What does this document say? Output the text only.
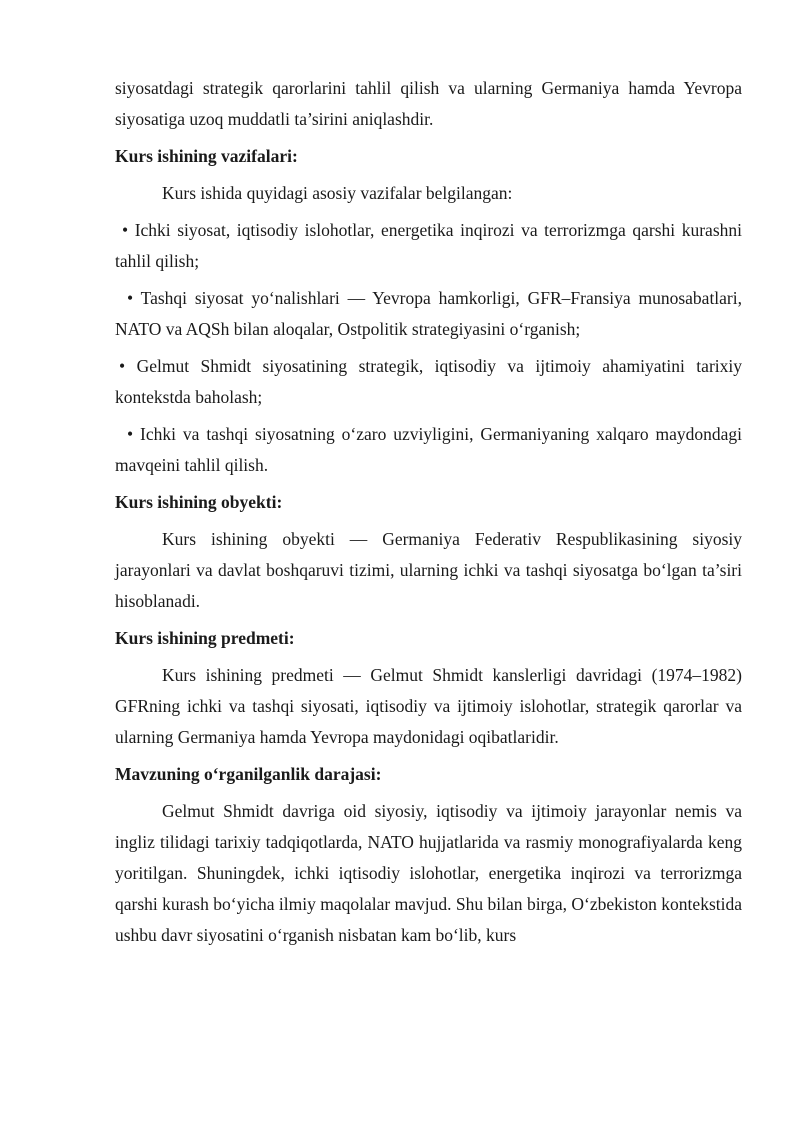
siyosatdagi strategik qarorlarini tahlil qilish va ularning Germaniya hamda Yevropa siyosatiga uzoq muddatli ta’sirini aniqlashdir.

Kurs ishining vazifalari:

Kurs ishida quyidagi asosiy vazifalar belgilangan:

• Ichki siyosat, iqtisodiy islohotlar, energetika inqirozi va terrorizmga qarshi kurashni tahlil qilish;

• Tashqi siyosat yo‘nalishlari — Yevropa hamkorligi, GFR–Fransiya munosabatlari, NATO va AQSh bilan aloqalar, Ostpolitik strategiyasini o‘rganish;

• Gelmut Shmidt siyosatining strategik, iqtisodiy va ijtimoiy ahamiyatini tarixiy kontekstda baholash;

• Ichki va tashqi siyosatning o‘zaro uzviyligini, Germaniyaning xalqaro maydondagi mavqeini tahlil qilish.

Kurs ishining obyekti:

Kurs ishining obyekti — Germaniya Federativ Respublikasining siyosiy jarayonlari va davlat boshqaruvi tizimi, ularning ichki va tashqi siyosatga bo‘lgan ta’siri hisoblanadi.

Kurs ishining predmeti:

Kurs ishining predmeti — Gelmut Shmidt kanslerligi davridagi (1974–1982) GFRning ichki va tashqi siyosati, iqtisodiy va ijtimoiy islohotlar, strategik qarorlar va ularning Germaniya hamda Yevropa maydonidagi oqibatlaridir.

Mavzuning o‘rganilganlik darajasi:

Gelmut Shmidt davriga oid siyosiy, iqtisodiy va ijtimoiy jarayonlar nemis va ingliz tilidagi tarixiy tadqiqotlarda, NATO hujjatlarida va rasmiy monografiyalarda keng yoritilgan. Shuningdek, ichki iqtisodiy islohotlar, energetika inqirozi va terrorizmga qarshi kurash bo‘yicha ilmiy maqolalar mavjud. Shu bilan birga, O‘zbekiston kontekstida ushbu davr siyosatini o‘rganish nisbatan kam bo‘lib, kurs
